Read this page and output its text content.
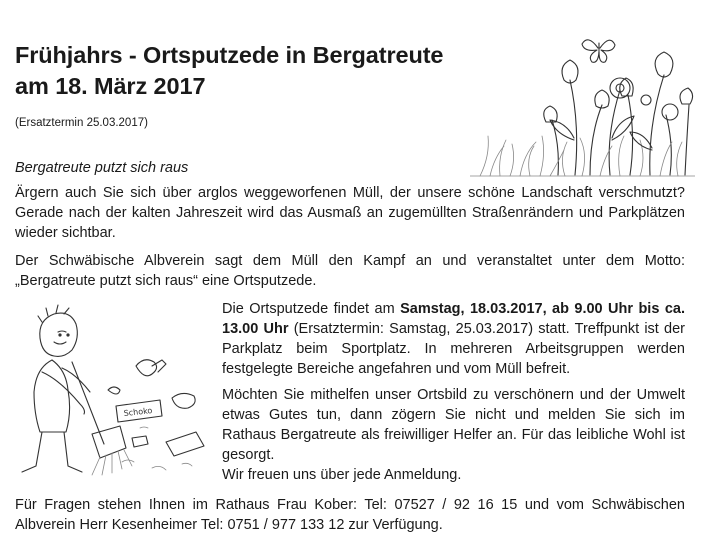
Frühjahrs - Ortsputzede in Bergatreute
am 18. März 2017
(Ersatztermin 25.03.2017)
Bergatreute putzt sich raus
Ärgern auch Sie sich über arglos weggeworfenen Müll, der unsere schöne Landschaft verschmutzt? Gerade nach der kalten Jahreszeit wird das Ausmaß an zugemüllten Straßenrändern und Parkplätzen wieder sichtbar.
Der Schwäbische Albverein sagt dem Müll den Kampf an und veranstaltet unter dem Motto: „Bergatreute putzt sich raus“ eine Ortsputzede.
Schoko
Die Ortsputzede findet am Samstag, 18.03.2017, ab 9.00 Uhr bis ca. 13.00 Uhr (Ersatztermin: Samstag, 25.03.2017) statt. Treffpunkt ist der Parkplatz beim Sportplatz. In mehreren Arbeitsgruppen werden festgelegte Bereiche angefahren und vom Müll befreit.
Möchten Sie mithelfen unser Ortsbild zu verschönern und der Umwelt etwas Gutes tun, dann zögern Sie nicht und melden Sie sich im Rathaus Bergatreute als freiwilliger Helfer an. Für das leibliche Wohl ist gesorgt.
Wir freuen uns über jede Anmeldung.
Für Fragen stehen Ihnen im Rathaus Frau Kober: Tel: 07527 / 92 16 15 und vom Schwäbischen Albverein Herr Kesenheimer Tel: 0751 / 977 133 12 zur Verfügung.
